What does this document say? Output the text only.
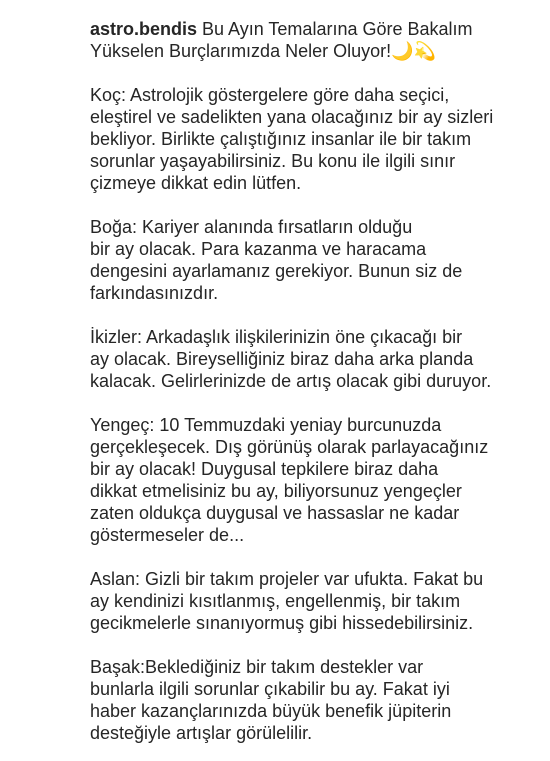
astro.bendis Bu Ayın Temalarına Göre Bakalım
Yükselen Burçlarımızda Neler Oluyor!🌙💫

Koç: Astrolojik göstergelere göre daha seçici,
eleştirel ve sadelikten yana olacağınız bir ay sizleri
bekliyor. Birlikte çalıştığınız insanlar ile bir takım
sorunlar yaşayabilirsiniz. Bu konu ile ilgili sınır
çizmeye dikkat edin lütfen.

Boğa: Kariyer alanında fırsatların olduğu
bir ay olacak. Para kazanma ve haracama
dengesini ayarlamanız gerekiyor. Bunun siz de
farkındasınızdır.

İkizler: Arkadaşlık ilişkilerinizin öne çıkacağı bir
ay olacak. Bireyselliğiniz biraz daha arka planda
kalacak. Gelirlerinizde de artış olacak gibi duruyor.

Yengeç: 10 Temmuzdaki yeniay burcunuzda
gerçekleşecek. Dış görünüş olarak parlayacağınız
bir ay olacak! Duygusal tepkilere biraz daha
dikkat etmelisiniz bu ay, biliyorsunuz yengeçler
zaten oldukça duygusal ve hassaslar ne kadar
göstermeseler de...

Aslan: Gizli bir takım projeler var ufukta. Fakat bu
ay kendinizi kısıtlanmış, engellenmiş, bir takım
gecikmelerle sınanıyormuş gibi hissedebilirsiniz.

Başak:Beklediğiniz bir takım destekler var
bunlarla ilgili sorunlar çıkabilir bu ay. Fakat iyi
haber kazançlarınızda büyük benefik jüpiterin
desteğiyle artışlar görülelilir.
